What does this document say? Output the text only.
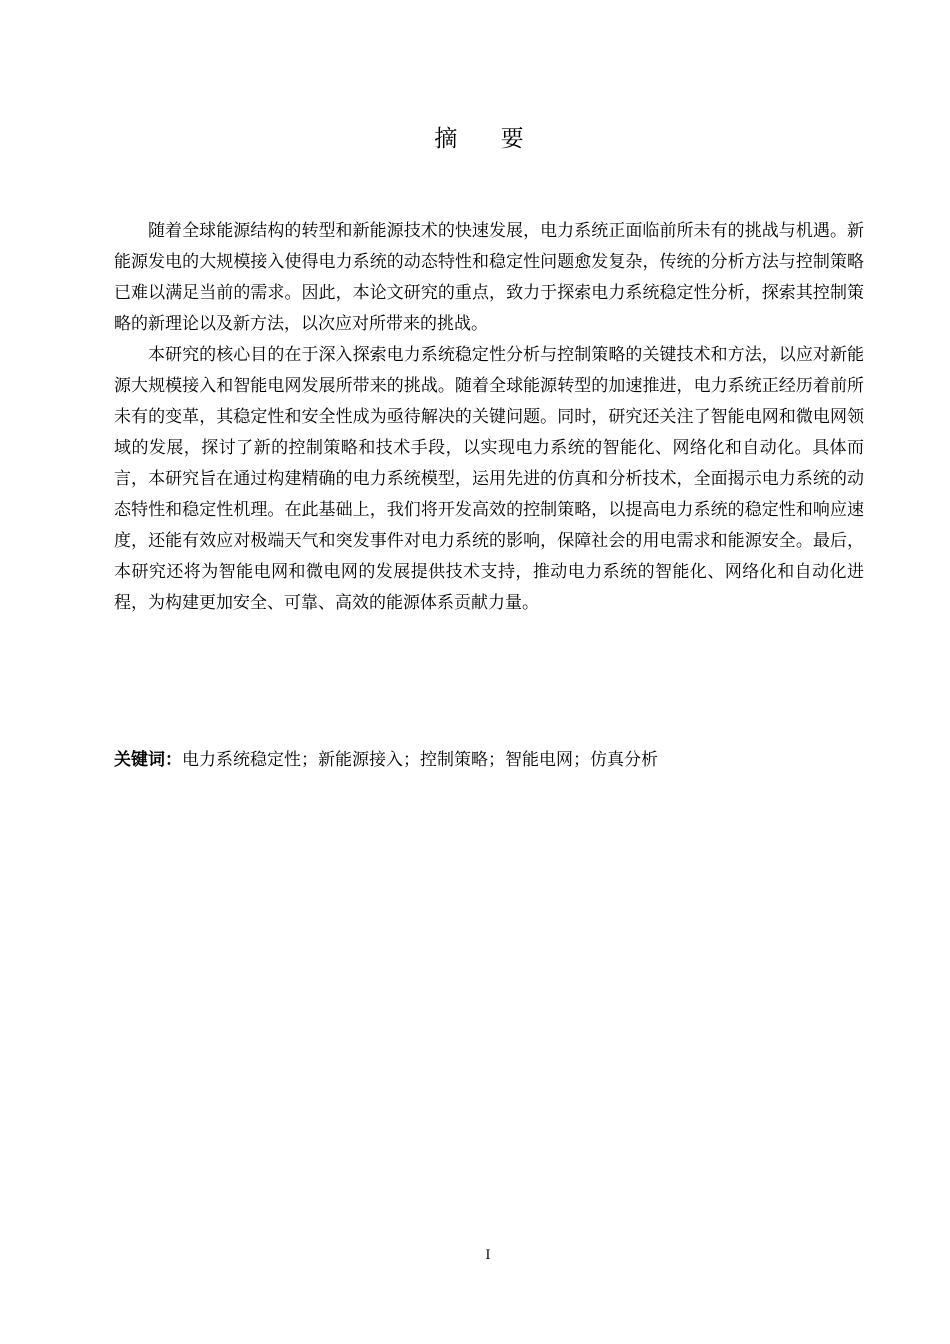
摘 要

随着全球能源结构的转型和新能源技术的快速发展，电力系统正面临前所未有的挑战与机遇。新能源发电的大规模接入使得电力系统的动态特性和稳定性问题愈发复杂，传统的分析方法与控制策略已难以满足当前的需求。因此，本论文研究的重点，致力于探索电力系统稳定性分析，探索其控制策略的新理论以及新方法，以次应对所带来的挑战。

本研究的核心目的在于深入探索电力系统稳定性分析与控制策略的关键技术和方法，以应对新能源大规模接入和智能电网发展所带来的挑战。随着全球能源转型的加速推进，电力系统正经历着前所未有的变革，其稳定性和安全性成为亟待解决的关键问题。同时，研究还关注了智能电网和微电网领域的发展，探讨了新的控制策略和技术手段，以实现电力系统的智能化、网络化和自动化。具体而言，本研究旨在通过构建精确的电力系统模型，运用先进的仿真和分析技术，全面揭示电力系统的动态特性和稳定性机理。在此基础上，我们将开发高效的控制策略，以提高电力系统的稳定性和响应速度，还能有效应对极端天气和突发事件对电力系统的影响，保障社会的用电需求和能源安全。最后，本研究还将为智能电网和微电网的发展提供技术支持，推动电力系统的智能化、网络化和自动化进程，为构建更加安全、可靠、高效的能源体系贡献力量。

关键词：电力系统稳定性；新能源接入；控制策略；智能电网；仿真分析
I
